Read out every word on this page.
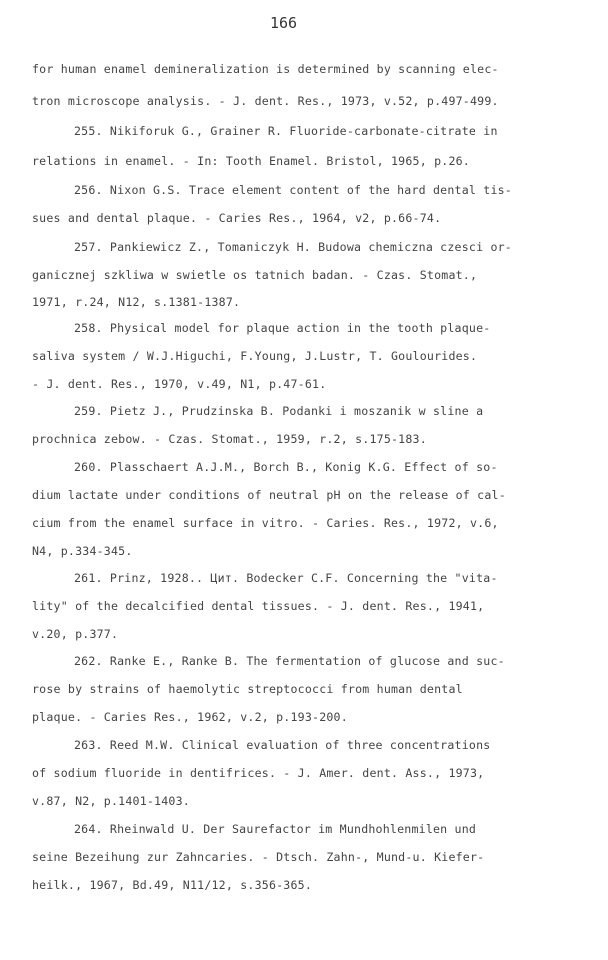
166
for human enamel demineralization is determined by scanning elec-
tron microscope analysis. - J. dent. Res., 1973, v.52, p.497-499.
255. Nikiforuk G., Grainer R. Fluoride-carbonate-citrate in
relations in enamel. - In: Tooth Enamel. Bristol, 1965, p.26.
256. Nixon G.S. Trace element content of the hard dental tis-
sues and dental plaque. - Caries Res., 1964, v2, p.66-74.
257. Pankiewicz Z., Tomaniczyk H. Budowa chemiczna czesci or-
ganicznej szkliwa w swietle os tatnich badan. - Czas. Stomat.,
1971, r.24, N12, s.1381-1387.
258. Physical model for plaque action in the tooth plaque-
saliva system / W.J.Higuchi, F.Young, J.Lustr, T. Goulourides.
- J. dent. Res., 1970, v.49, N1, p.47-61.
259. Pietz J., Prudzinska B. Podanki i moszanik w sline a
prochnica zebow. - Czas. Stomat., 1959, r.2, s.175-183.
260. Plasschaert A.J.M., Borch B., Konig K.G. Effect of so-
dium lactate under conditions of neutral pH on the release of cal-
cium from the enamel surface in vitro. - Caries. Res., 1972, v.6,
N4, p.334-345.
261. Prinz, 1928.. Цит. Bodecker C.F. Concerning the "vita-
lity" of the decalcified dental tissues. - J. dent. Res., 1941,
v.20, p.377.
262. Ranke E., Ranke B. The fermentation of glucose and suc-
rose by strains of haemolytic streptococci from human dental
plaque. - Caries Res., 1962, v.2, p.193-200.
263. Reed M.W. Clinical evaluation of three concentrations
of sodium fluoride in dentifrices. - J. Amer. dent. Ass., 1973,
v.87, N2, p.1401-1403.
264. Rheinwald U. Der Saurefactor im Mundhohlenmilen und
seine Bezeihung zur Zahncaries. - Dtsch. Zahn-, Mund-u. Kiefer-
heilk., 1967, Bd.49, N11/12, s.356-365.
